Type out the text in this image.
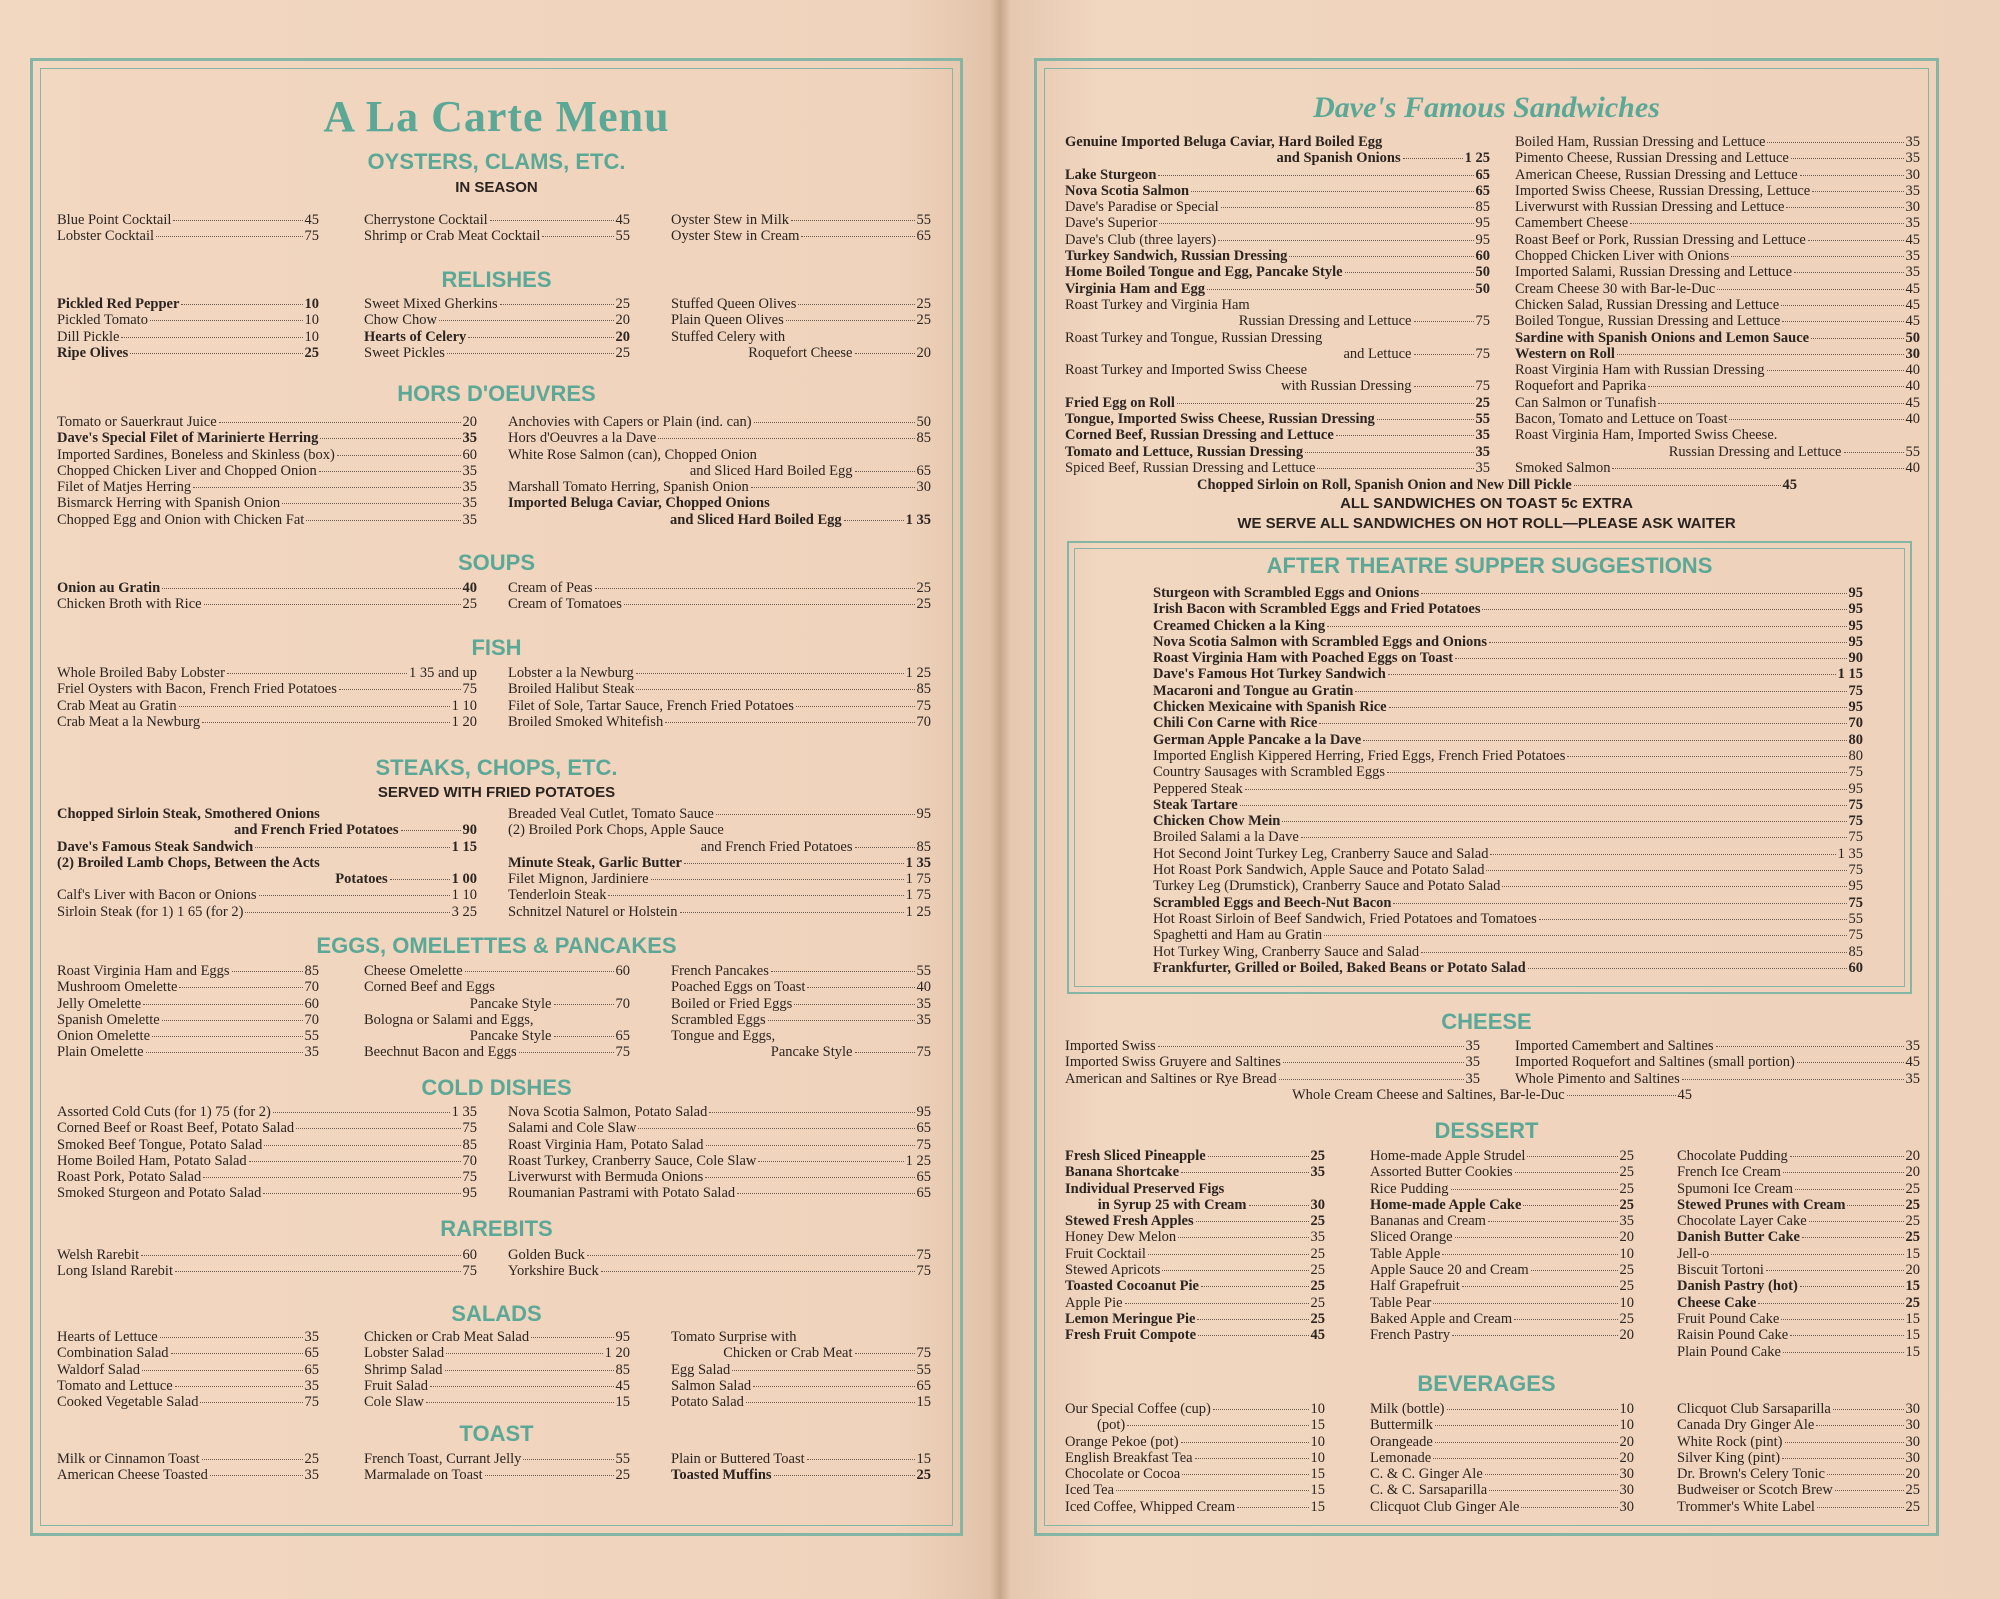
A La Carte Menu
OYSTERS, CLAMS, ETC.
IN SEASON
Blue Point Cocktail	45
Lobster Cocktail	75
Cherrystone Cocktail	45
Shrimp or Crab Meat Cocktail	55
Oyster Stew in Milk	55
Oyster Stew in Cream	65
RELISHES
Pickled Red Pepper	10
Pickled Tomato	10
Dill Pickle	10
Ripe Olives	25
Sweet Mixed Gherkins	25
Chow Chow	20
Hearts of Celery	20
Sweet Pickles	25
Stuffed Queen Olives	25
Plain Queen Olives	25
Stuffed Celery with
Roquefort Cheese	20
HORS D'OEUVRES
Tomato or Sauerkraut Juice	20
Dave's Special Filet of Marinierte Herring	35
Imported Sardines, Boneless and Skinless (box)	60
Chopped Chicken Liver and Chopped Onion	35
Filet of Matjes Herring	35
Bismarck Herring with Spanish Onion	35
Chopped Egg and Onion with Chicken Fat	35
Anchovies with Capers or Plain (ind. can)	50
Hors d'Oeuvres a la Dave	85
White Rose Salmon (can), Chopped Onion
and Sliced Hard Boiled Egg	65
Marshall Tomato Herring, Spanish Onion	30
Imported Beluga Caviar, Chopped Onions
and Sliced Hard Boiled Egg	1 35
SOUPS
Onion au Gratin	40
Chicken Broth with Rice	25
Cream of Peas	25
Cream of Tomatoes	25
FISH
Whole Broiled Baby Lobster	1 35 and up
Friel Oysters with Bacon, French Fried Potatoes	75
Crab Meat au Gratin	1 10
Crab Meat a la Newburg	1 20
Lobster a la Newburg	1 25
Broiled Halibut Steak	85
Filet of Sole, Tartar Sauce, French Fried Potatoes	75
Broiled Smoked Whitefish	70
STEAKS, CHOPS, ETC.
SERVED WITH FRIED POTATOES
Chopped Sirloin Steak, Smothered Onions
and French Fried Potatoes	90
Dave's Famous Steak Sandwich	1 15
(2) Broiled Lamb Chops, Between the Acts
Potatoes	1 00
Calf's Liver with Bacon or Onions	1 10
Sirloin Steak (for 1) 1 65 (for 2)	3 25
Breaded Veal Cutlet, Tomato Sauce	95
(2) Broiled Pork Chops, Apple Sauce
and French Fried Potatoes	85
Minute Steak, Garlic Butter	1 35
Filet Mignon, Jardiniere	1 75
Tenderloin Steak	1 75
Schnitzel Naturel or Holstein	1 25
EGGS, OMELETTES & PANCAKES
Roast Virginia Ham and Eggs	85
Mushroom Omelette	70
Jelly Omelette	60
Spanish Omelette	70
Onion Omelette	55
Plain Omelette	35
Cheese Omelette	60
Corned Beef and Eggs
Pancake Style	70
Bologna or Salami and Eggs,
Pancake Style	65
Beechnut Bacon and Eggs	75
French Pancakes	55
Poached Eggs on Toast	40
Boiled or Fried Eggs	35
Scrambled Eggs	35
Tongue and Eggs,
Pancake Style	75
COLD DISHES
Assorted Cold Cuts (for 1) 75 (for 2)	1 35
Corned Beef or Roast Beef, Potato Salad	75
Smoked Beef Tongue, Potato Salad	85
Home Boiled Ham, Potato Salad	70
Roast Pork, Potato Salad	75
Smoked Sturgeon and Potato Salad	95
Nova Scotia Salmon, Potato Salad	95
Salami and Cole Slaw	65
Roast Virginia Ham, Potato Salad	75
Roast Turkey, Cranberry Sauce, Cole Slaw	1 25
Liverwurst with Bermuda Onions	65
Roumanian Pastrami with Potato Salad	65
RAREBITS
Welsh Rarebit	60
Long Island Rarebit	75
Golden Buck	75
Yorkshire Buck	75
SALADS
Hearts of Lettuce	35
Combination Salad	65
Waldorf Salad	65
Tomato and Lettuce	35
Cooked Vegetable Salad	75
Chicken or Crab Meat Salad	95
Lobster Salad	1 20
Shrimp Salad	85
Fruit Salad	45
Cole Slaw	15
Tomato Surprise with
Chicken or Crab Meat	75
Egg Salad	55
Salmon Salad	65
Potato Salad	15
TOAST
Milk or Cinnamon Toast	25
American Cheese Toasted	35
French Toast, Currant Jelly	55
Marmalade on Toast	25
Plain or Buttered Toast	15
Toasted Muffins	25
Dave's Famous Sandwiches
Genuine Imported Beluga Caviar, Hard Boiled Egg
and Spanish Onions	1 25
Lake Sturgeon	65
Nova Scotia Salmon	65
Dave's Paradise or Special	85
Dave's Superior	95
Dave's Club (three layers)	95
Turkey Sandwich, Russian Dressing	60
Home Boiled Tongue and Egg, Pancake Style	50
Virginia Ham and Egg	50
Roast Turkey and Virginia Ham
Russian Dressing and Lettuce	75
Roast Turkey and Tongue, Russian Dressing
and Lettuce	75
Roast Turkey and Imported Swiss Cheese
with Russian Dressing	75
Fried Egg on Roll	25
Tongue, Imported Swiss Cheese, Russian Dressing	55
Corned Beef, Russian Dressing and Lettuce	35
Tomato and Lettuce, Russian Dressing	35
Spiced Beef, Russian Dressing and Lettuce	35
Boiled Ham, Russian Dressing and Lettuce	35
Pimento Cheese, Russian Dressing and Lettuce	35
American Cheese, Russian Dressing and Lettuce	30
Imported Swiss Cheese, Russian Dressing, Lettuce	35
Liverwurst with Russian Dressing and Lettuce	30
Camembert Cheese	35
Roast Beef or Pork, Russian Dressing and Lettuce	45
Chopped Chicken Liver with Onions	35
Imported Salami, Russian Dressing and Lettuce	35
Cream Cheese 30 with Bar-le-Duc	45
Chicken Salad, Russian Dressing and Lettuce	45
Boiled Tongue, Russian Dressing and Lettuce	45
Sardine with Spanish Onions and Lemon Sauce	50
Western on Roll	30
Roast Virginia Ham with Russian Dressing	40
Roquefort and Paprika	40
Can Salmon or Tunafish	45
Bacon, Tomato and Lettuce on Toast	40
Roast Virginia Ham, Imported Swiss Cheese.
Russian Dressing and Lettuce	55
Smoked Salmon	40
Chopped Sirloin on Roll, Spanish Onion and New Dill Pickle	45
ALL SANDWICHES ON TOAST 5c EXTRA
WE SERVE ALL SANDWICHES ON HOT ROLL—PLEASE ASK WAITER
AFTER THEATRE SUPPER SUGGESTIONS
Sturgeon with Scrambled Eggs and Onions	95
Irish Bacon with Scrambled Eggs and Fried Potatoes	95
Creamed Chicken a la King	95
Nova Scotia Salmon with Scrambled Eggs and Onions	95
Roast Virginia Ham with Poached Eggs on Toast	90
Dave's Famous Hot Turkey Sandwich	1 15
Macaroni and Tongue au Gratin	75
Chicken Mexicaine with Spanish Rice	95
Chili Con Carne with Rice	70
German Apple Pancake a la Dave	80
Imported English Kippered Herring, Fried Eggs, French Fried Potatoes	80
Country Sausages with Scrambled Eggs	75
Peppered Steak	95
Steak Tartare	75
Chicken Chow Mein	75
Broiled Salami a la Dave	75
Hot Second Joint Turkey Leg, Cranberry Sauce and Salad	1 35
Hot Roast Pork Sandwich, Apple Sauce and Potato Salad	75
Turkey Leg (Drumstick), Cranberry Sauce and Potato Salad	95
Scrambled Eggs and Beech-Nut Bacon	75
Hot Roast Sirloin of Beef Sandwich, Fried Potatoes and Tomatoes	55
Spaghetti and Ham au Gratin	75
Hot Turkey Wing, Cranberry Sauce and Salad	85
Frankfurter, Grilled or Boiled, Baked Beans or Potato Salad	60
CHEESE
Imported Swiss	35
Imported Swiss Gruyere and Saltines	35
American and Saltines or Rye Bread	35
Imported Camembert and Saltines	35
Imported Roquefort and Saltines (small portion)	45
Whole Pimento and Saltines	35
Whole Cream Cheese and Saltines, Bar-le-Duc	45
DESSERT
Fresh Sliced Pineapple	25
Banana Shortcake	35
Individual Preserved Figs
in Syrup 25 with Cream	30
Stewed Fresh Apples	25
Honey Dew Melon	35
Fruit Cocktail	25
Stewed Apricots	25
Toasted Cocoanut Pie	25
Apple Pie	25
Lemon Meringue Pie	25
Fresh Fruit Compote	45
Home-made Apple Strudel	25
Assorted Butter Cookies	25
Rice Pudding	25
Home-made Apple Cake	25
Bananas and Cream	35
Sliced Orange	20
Table Apple	10
Apple Sauce 20 and Cream	25
Half Grapefruit	25
Table Pear	10
Baked Apple and Cream	25
French Pastry	20
Chocolate Pudding	20
French Ice Cream	20
Spumoni Ice Cream	25
Stewed Prunes with Cream	25
Chocolate Layer Cake	25
Danish Butter Cake	25
Jell-o	15
Biscuit Tortoni	20
Danish Pastry (hot)	15
Cheese Cake	25
Fruit Pound Cake	15
Raisin Pound Cake	15
Plain Pound Cake	15
BEVERAGES
Our Special Coffee (cup)	10
(pot)	15
Orange Pekoe (pot)	10
English Breakfast Tea	10
Chocolate or Cocoa	15
Iced Tea	15
Iced Coffee, Whipped Cream	15
Milk (bottle)	10
Buttermilk	10
Orangeade	20
Lemonade	20
C. & C. Ginger Ale	30
C. & C. Sarsaparilla	30
Clicquot Club Ginger Ale	30
Clicquot Club Sarsaparilla	30
Canada Dry Ginger Ale	30
White Rock (pint)	30
Silver King (pint)	30
Dr. Brown's Celery Tonic	20
Budweiser or Scotch Brew	25
Trommer's White Label	25
